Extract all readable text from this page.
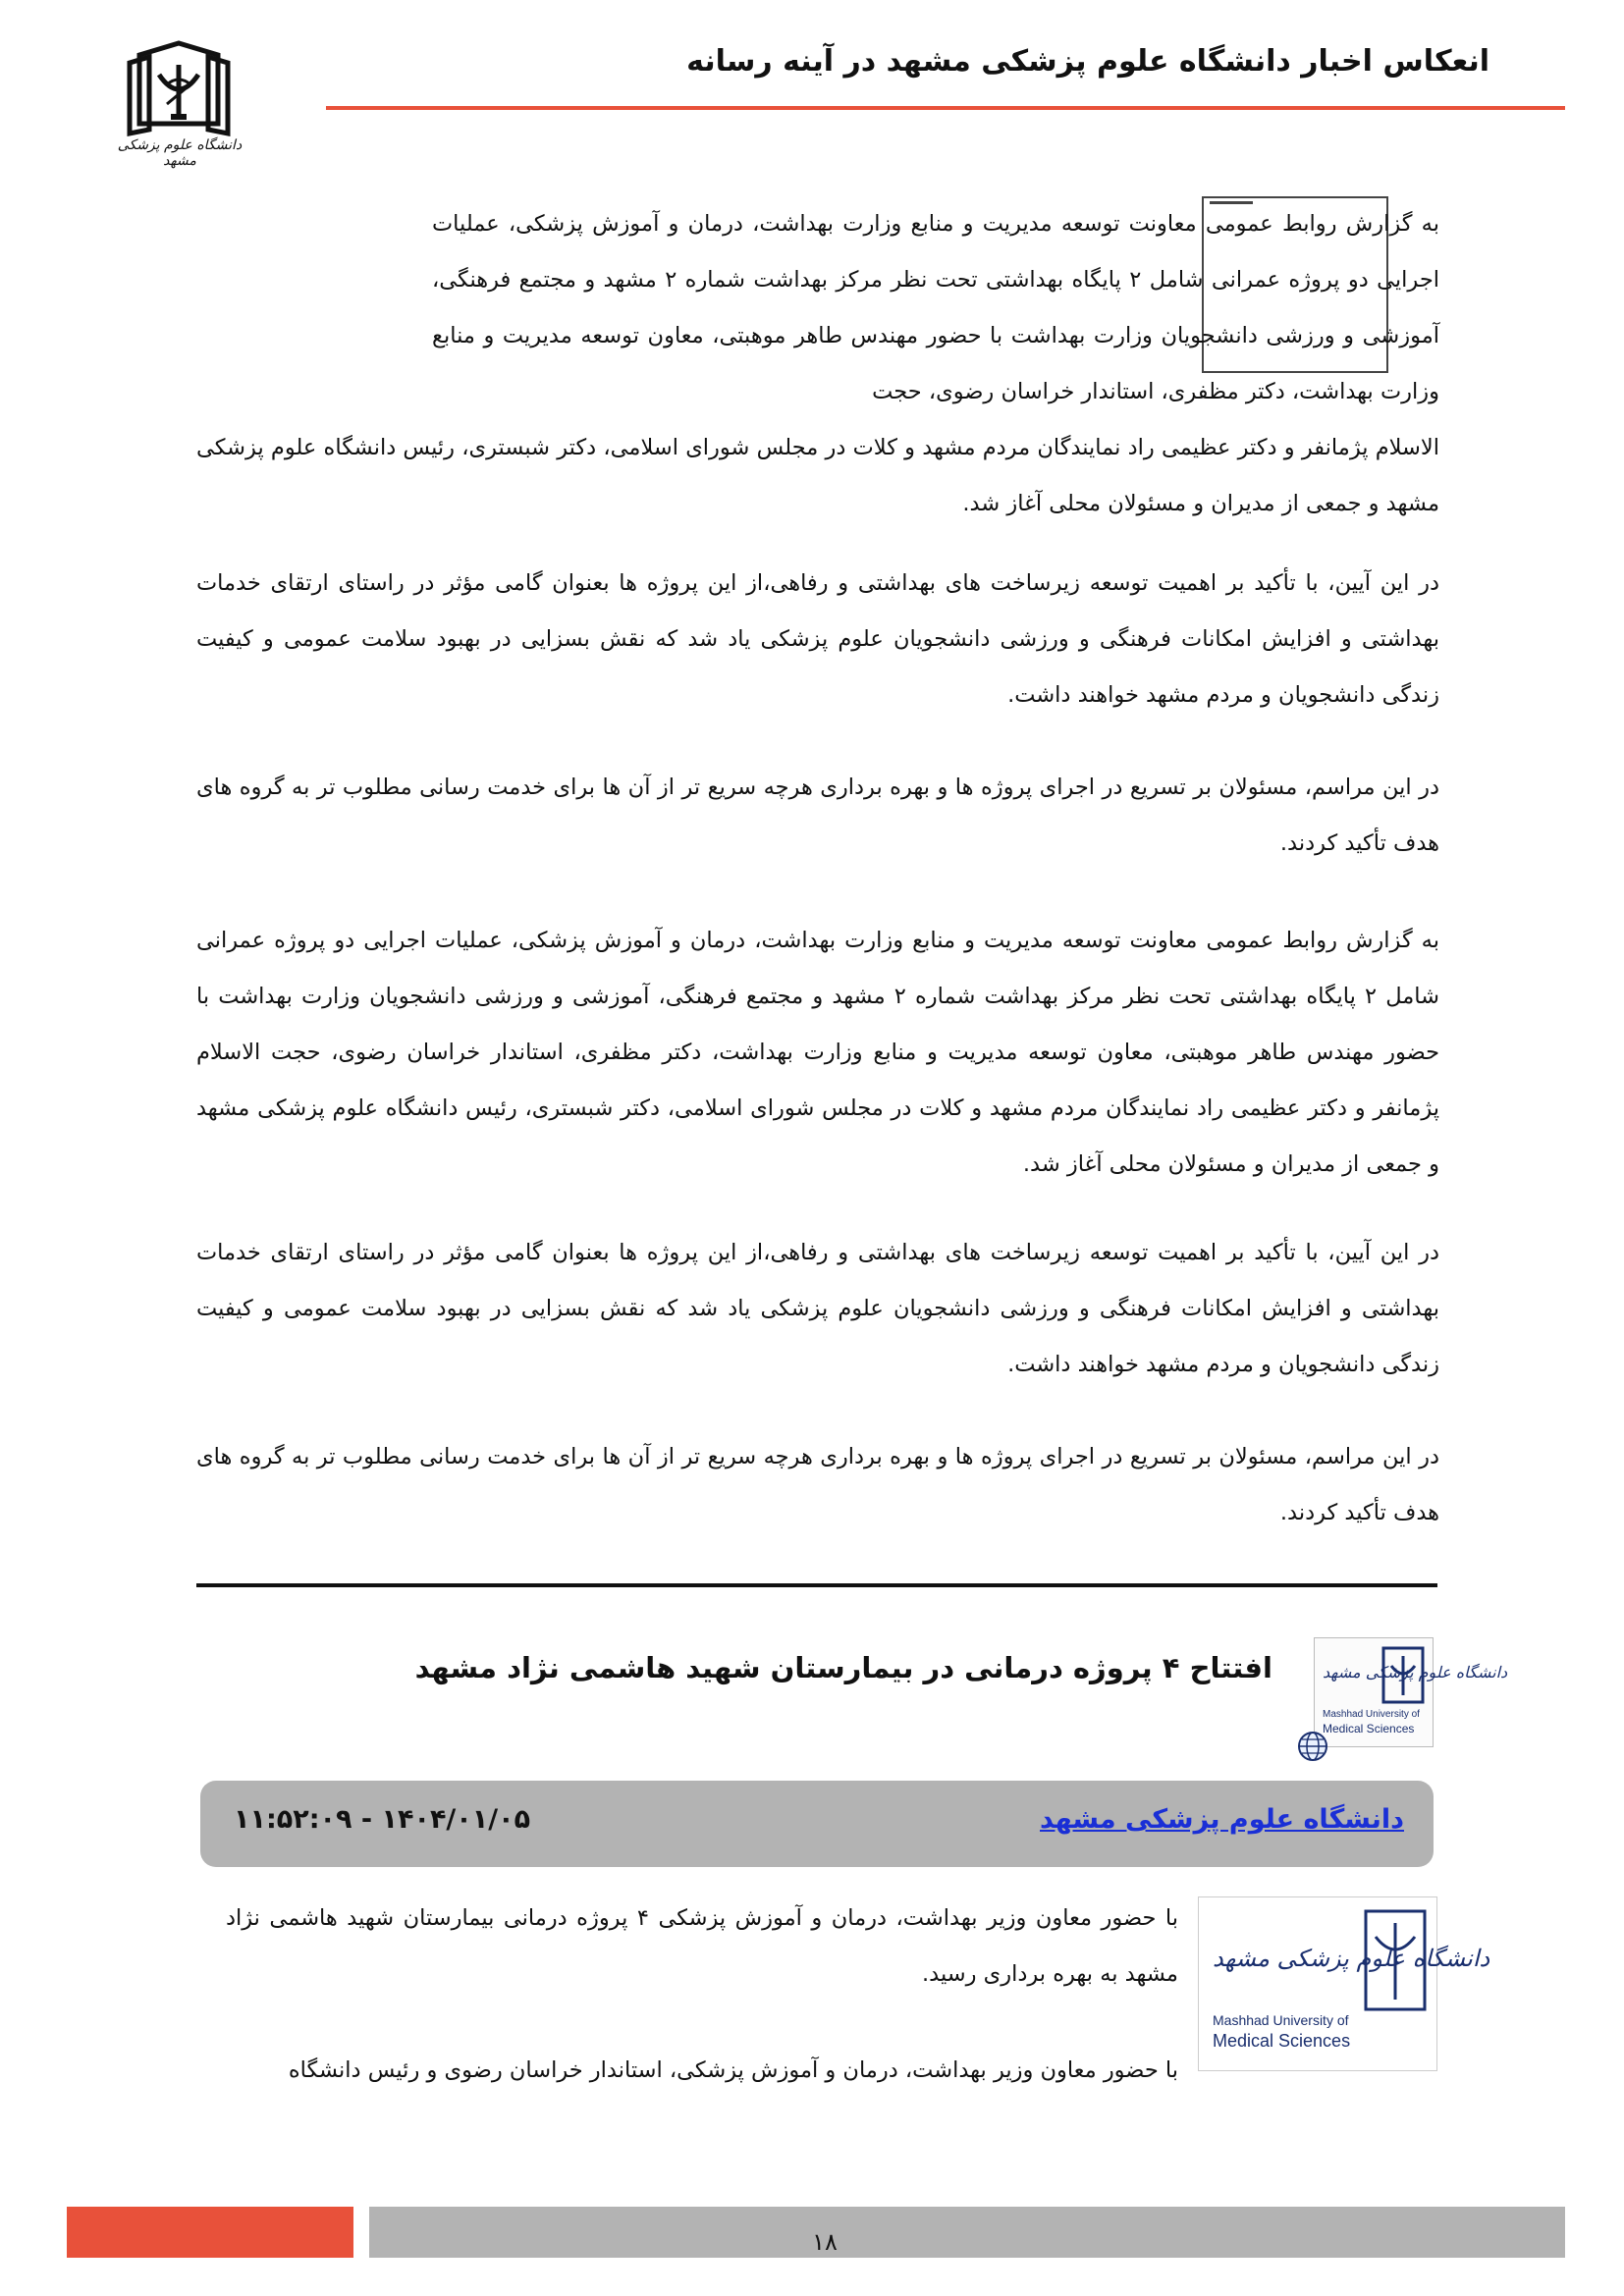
انعکاس اخبار دانشگاه علوم پزشکی مشهد در آینه رسانه
دانشگاه علوم پزشکی مشهد
به گزارش روابط عمومی معاونت توسعه مدیریت و منابع وزارت بهداشت، درمان و آموزش پزشکی، عملیات اجرایی دو پروژه عمرانی شامل ۲ پایگاه بهداشتی تحت نظر مرکز بهداشت شماره ۲ مشهد و مجتمع فرهنگی، آموزشی و ورزشی دانشجویان وزارت بهداشت با حضور مهندس طاهر موهبتی، معاون توسعه مدیریت و منابع وزارت بهداشت، دکتر مظفری، استاندار خراسان رضوی، حجت
الاسلام پژمانفر و دکتر عظیمی راد نمایندگان مردم مشهد و کلات در مجلس شورای اسلامی، دکتر شبستری، رئیس دانشگاه علوم پزشکی مشهد و جمعی از مدیران و مسئولان محلی آغاز شد.
در این آیین، با تأکید بر اهمیت توسعه زیرساخت های بهداشتی و رفاهی،از این پروژه ها بعنوان گامی مؤثر در راستای ارتقای خدمات بهداشتی و افزایش امکانات فرهنگی و ورزشی دانشجویان علوم پزشکی یاد شد که نقش بسزایی در بهبود سلامت عمومی و کیفیت زندگی دانشجویان و مردم مشهد خواهند داشت.
در این مراسم، مسئولان بر تسریع در اجرای پروژه ها و بهره برداری هرچه سریع تر از آن ها برای خدمت رسانی مطلوب تر به گروه های هدف تأکید کردند.
به گزارش روابط عمومی معاونت توسعه مدیریت و منابع وزارت بهداشت، درمان و آموزش پزشکی، عملیات اجرایی دو پروژه عمرانی شامل ۲ پایگاه بهداشتی تحت نظر مرکز بهداشت شماره ۲ مشهد و مجتمع فرهنگی، آموزشی و ورزشی دانشجویان وزارت بهداشت با حضور مهندس طاهر موهبتی، معاون توسعه مدیریت و منابع وزارت بهداشت، دکتر مظفری، استاندار خراسان رضوی، حجت الاسلام پژمانفر و دکتر عظیمی راد نمایندگان مردم مشهد و کلات در مجلس شورای اسلامی، دکتر شبستری، رئیس دانشگاه علوم پزشکی مشهد و جمعی از مدیران و مسئولان محلی آغاز شد.
در این آیین، با تأکید بر اهمیت توسعه زیرساخت های بهداشتی و رفاهی،از این پروژه ها بعنوان گامی مؤثر در راستای ارتقای خدمات بهداشتی و افزایش امکانات فرهنگی و ورزشی دانشجویان علوم پزشکی یاد شد که نقش بسزایی در بهبود سلامت عمومی و کیفیت زندگی دانشجویان و مردم مشهد خواهند داشت.
در این مراسم، مسئولان بر تسریع در اجرای پروژه ها و بهره برداری هرچه سریع تر از آن ها برای خدمت رسانی مطلوب تر به گروه های هدف تأکید کردند.
افتتاح ۴ پروژه درمانی در بیمارستان شهید هاشمی نژاد مشهد	دانشگاه علوم پزشکی مشهد
Mashhad University of
Medical Sciences
دانشگاه علوم پزشکی مشهد
۱۴۰۴/۰۱/۰۵ - ۱۱:۵۲:۰۹
دانشگاه علوم پزشکی مشهد
Mashhad University of
Medical Sciences
با حضور معاون وزیر بهداشت، درمان و آموزش پزشکی ۴ پروژه درمانی بیمارستان شهید هاشمی نژاد مشهد به بهره برداری رسید.
با حضور معاون وزیر بهداشت، درمان و آموزش پزشکی، استاندار خراسان رضوی و رئیس دانشگاه
۱۸
